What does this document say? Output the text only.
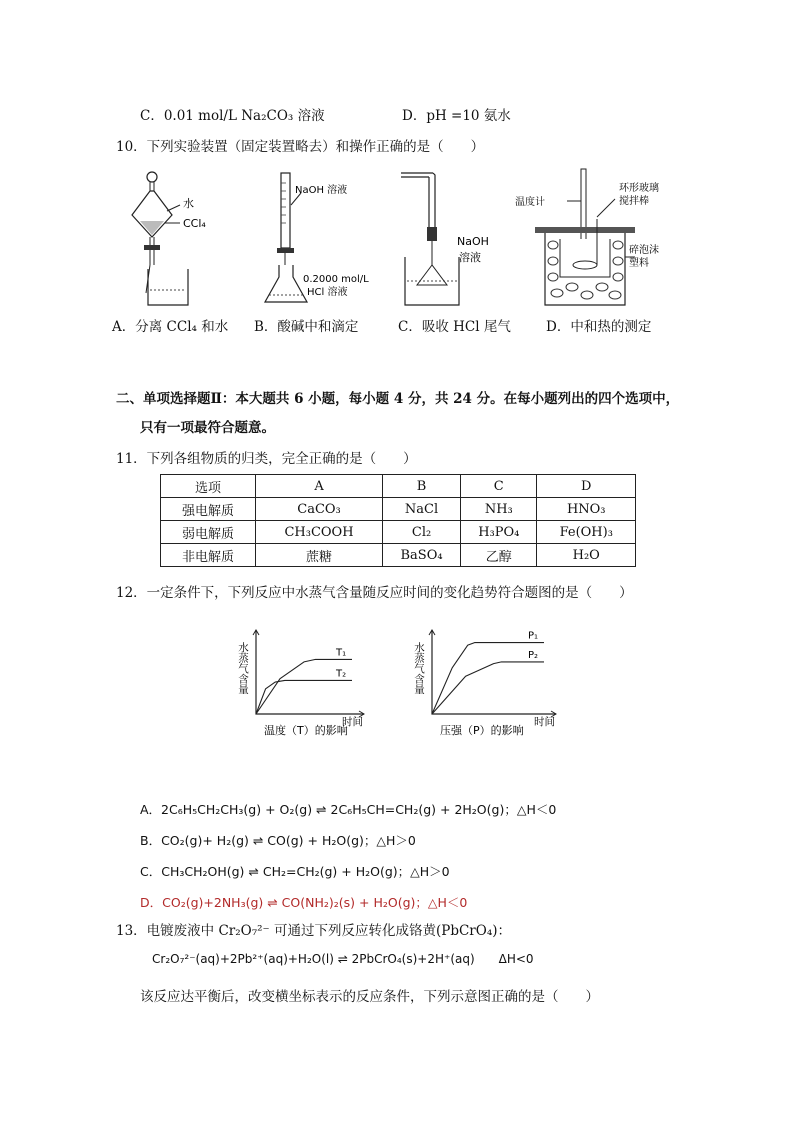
C．0.01 mol/L Na₂CO₃ 溶液	D．pH =10 氨水
10．下列实验装置（固定装置略去）和操作正确的是（　　）
水
CCl₄
NaOH 溶液
0.2000 mol/L
HCl 溶液
NaOH
溶液
温度计
环形玻璃
搅拌棒
碎泡沫
塑料
A．分离 CCl₄ 和水 B．酸碱中和滴定	C．吸收 HCl 尾气	D．中和热的测定
二、单项选择题Ⅱ：本大题共 6 小题，每小题 4 分，共 24 分。在每小题列出的四个选项中，
只有一项最符合题意。
11．下列各组物质的归类，完全正确的是（　　）
选项	A	B	C	D
强电解质	CaCO₃	NaCl	NH₃	HNO₃
弱电解质	CH₃COOH	Cl₂	H₃PO₄	Fe(OH)₃
非电解质	蔗糖	BaSO₄	乙醇	H₂O
12．一定条件下，下列反应中水蒸气含量随反应时间的变化趋势符合题图的是（　　）
水蒸气含量
时间
温度（T）的影响
T₁
T₂	水蒸气含量
时间
压强（P）的影响
P₁
P₂
A．2C₆H₅CH₂CH₃(g) + O₂(g) ⇌ 2C₆H₅CH=CH₂(g) + 2H₂O(g)；△H＜0
B．CO₂(g)+ H₂(g) ⇌ CO(g) + H₂O(g)；△H＞0
C．CH₃CH₂OH(g) ⇌ CH₂=CH₂(g) + H₂O(g)；△H＞0
D．CO₂(g)+2NH₃(g) ⇌ CO(NH₂)₂(s) + H₂O(g)；△H＜0
13．电镀废液中 Cr₂O₇²⁻ 可通过下列反应转化成铬黄(PbCrO₄)：
Cr₂O₇²⁻(aq)+2Pb²⁺(aq)+H₂O(l) ⇌ 2PbCrO₄(s)+2H⁺(aq)　　ΔH<0
该反应达平衡后，改变横坐标表示的反应条件，下列示意图正确的是（　　）
